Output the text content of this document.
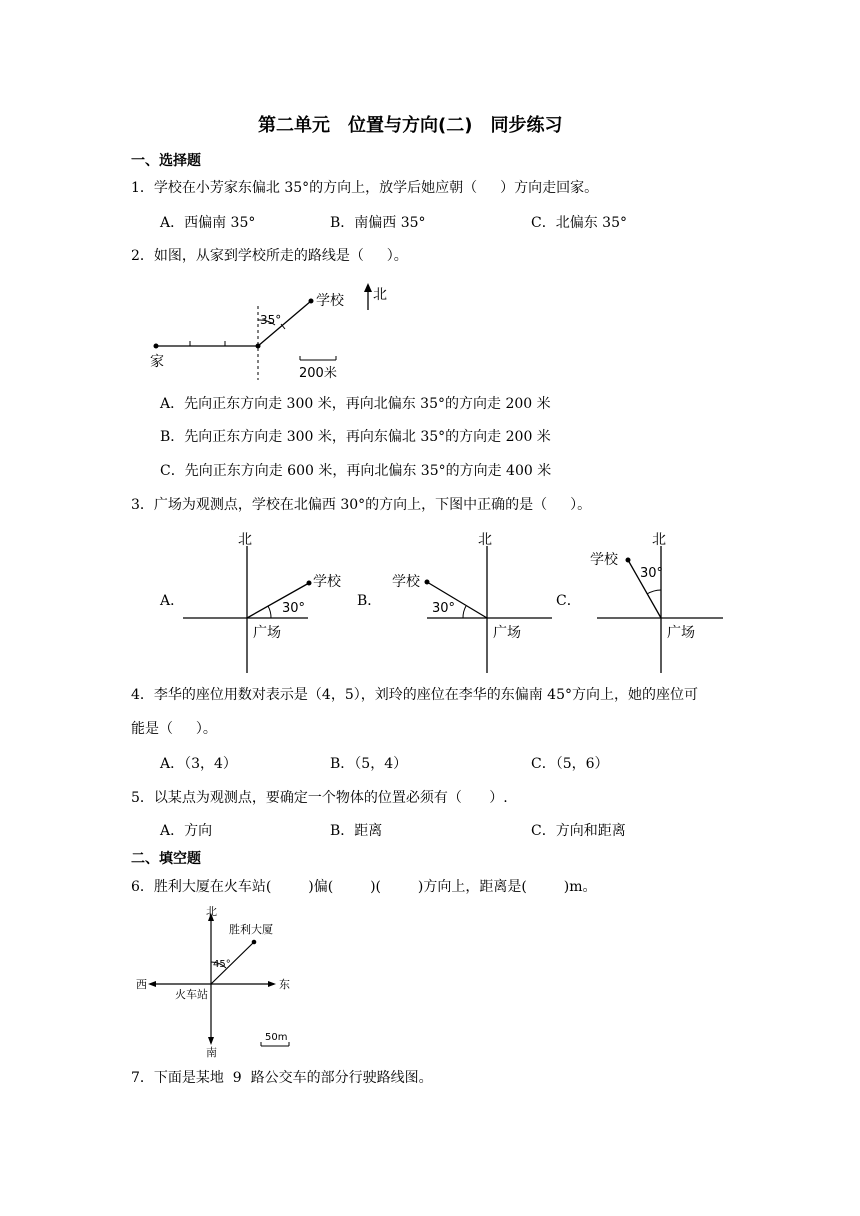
第二单元　位置与方向(二)　同步练习
一、选择题
1．学校在小芳家东偏北 35°的方向上，放学后她应朝（　  ）方向走回家。
A．西偏南 35°	B．南偏西 35°	C．北偏东 35°
2．如图，从家到学校所走的路线是（　  ）。
家
学校
35°
北
200米
A．先向正东方向走 300 米，再向北偏东 35°的方向走 200 米
B．先向正东方向走 300 米，再向东偏北 35°的方向走 200 米
C．先向正东方向走 600 米，再向北偏东 35°的方向走 400 米
3．广场为观测点，学校在北偏西 30°的方向上，下图中正确的是（　  ）。
A．	B．	C．
北
学校
30°
广场
北
学校
30°
广场
北
学校
30°
广场
4．李华的座位用数对表示是（4，5），刘玲的座位在李华的东偏南 45°方向上，她的座位可
能是（　  ）。
A．（3，4）	B．（5，4）	C．（5，6）
5．以某点为观测点，要确定一个物体的位置必须有（　   ）.
A．方向	B．距离	C．方向和距离
二、填空题
6．胜利大厦在火车站(　　  )偏(　　  )(　　  )方向上，距离是(　　  )m。
北
南
西	东
胜利大厦
45°
火车站
50m
7．下面是某地  9  路公交车的部分行驶路线图。
